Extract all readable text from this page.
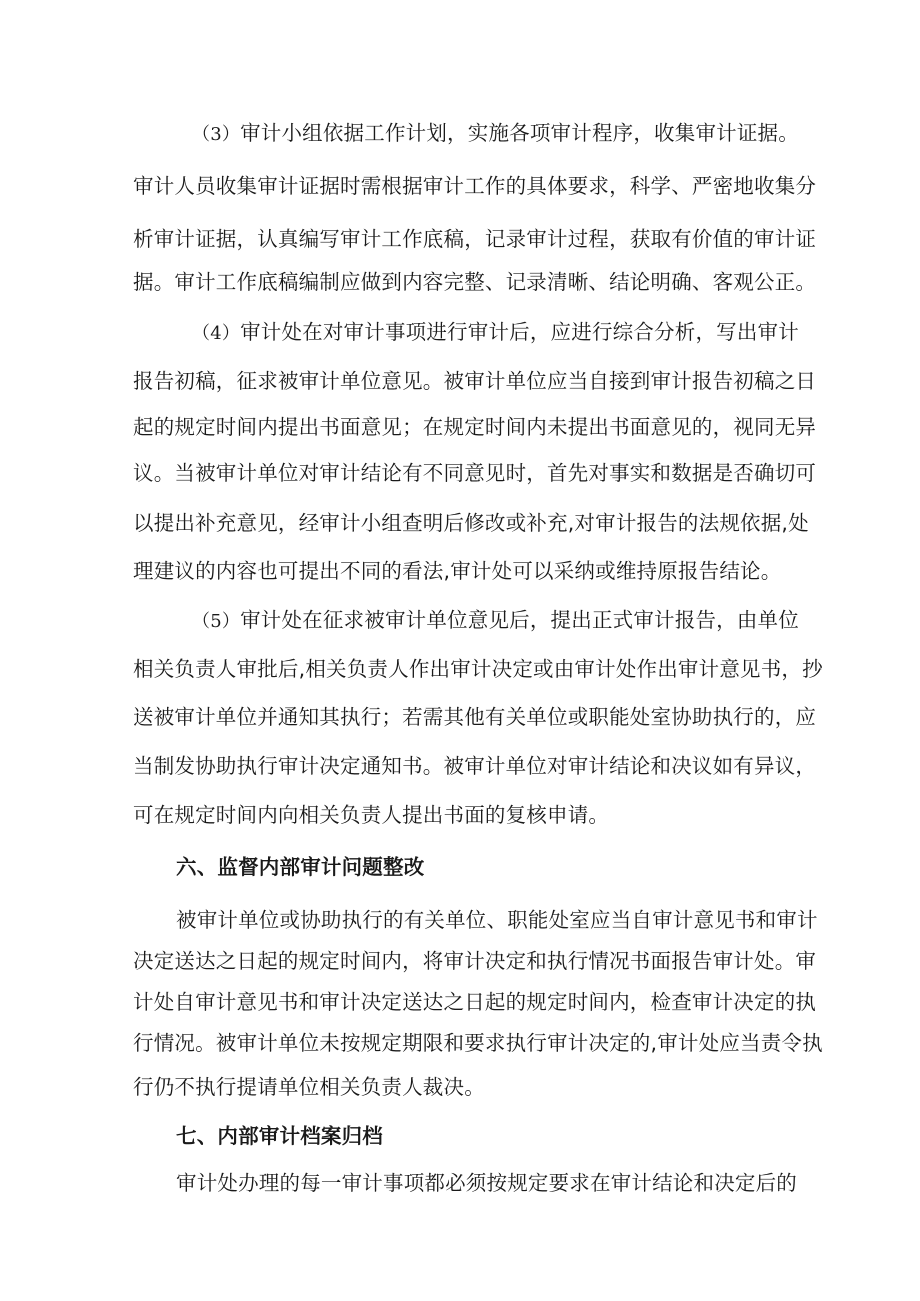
（3）审计小组依据工作计划，实施各项审计程序，收集审计证据。
审计人员收集审计证据时需根据审计工作的具体要求，科学、严密地收集分
析审计证据，认真编写审计工作底稿，记录审计过程，获取有价值的审计证
据。审计工作底稿编制应做到内容完整、记录清晰、结论明确、客观公正。
（4）审计处在对审计事项进行审计后，应进行综合分析，写出审计
报告初稿，征求被审计单位意见。被审计单位应当自接到审计报告初稿之日
起的规定时间内提出书面意见；在规定时间内未提出书面意见的，视同无异
议。当被审计单位对审计结论有不同意见时，首先对事实和数据是否确切可
以提出补充意见，经审计小组查明后修改或补充,对审计报告的法规依据,处
理建议的内容也可提出不同的看法,审计处可以采纳或维持原报告结论。
（5）审计处在征求被审计单位意见后，提出正式审计报告，由单位
相关负责人审批后,相关负责人作出审计决定或由审计处作出审计意见书，抄
送被审计单位并通知其执行；若需其他有关单位或职能处室协助执行的，应
当制发协助执行审计决定通知书。被审计单位对审计结论和决议如有异议，
可在规定时间内向相关负责人提出书面的复核申请。
六、监督内部审计问题整改
被审计单位或协助执行的有关单位、职能处室应当自审计意见书和审计
决定送达之日起的规定时间内，将审计决定和执行情况书面报告审计处。审
计处自审计意见书和审计决定送达之日起的规定时间内，检查审计决定的执
行情况。被审计单位未按规定期限和要求执行审计决定的,审计处应当责令执
行仍不执行提请单位相关负责人裁决。
七、内部审计档案归档
审计处办理的每一审计事项都必须按规定要求在审计结论和决定后的
